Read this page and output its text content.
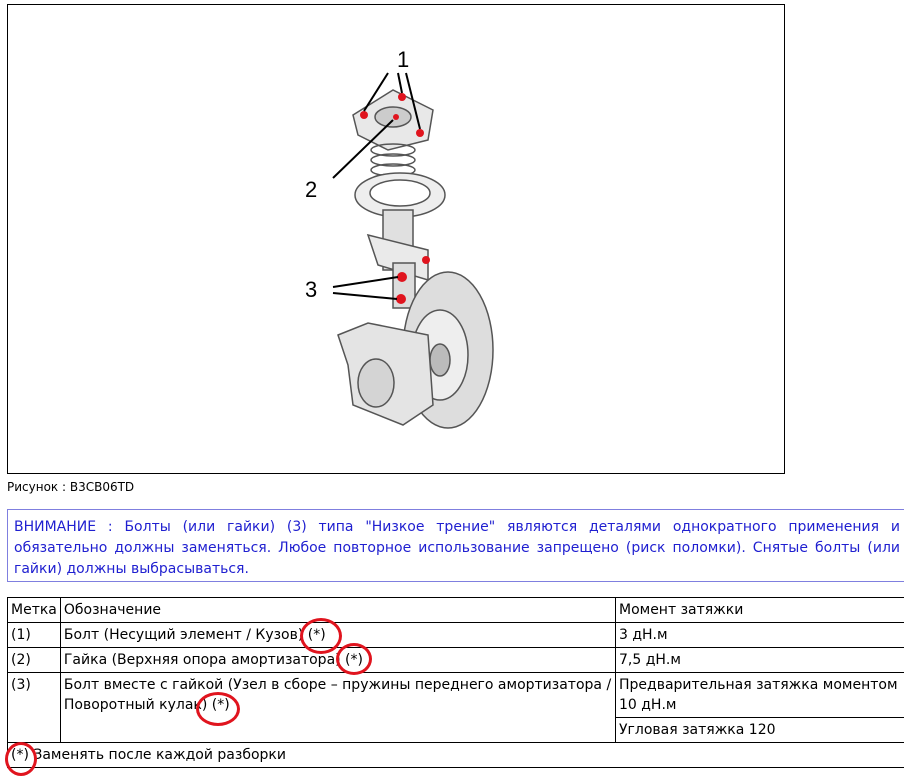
1
2
3
Рисунок : B3CB06TD
ВНИМАНИЕ : Болты (или гайки) (3) типа "Низкое трение" являются деталями однократного применения и обязательно должны заменяться. Любое повторное использование запрещено (риск поломки). Снятые болты (или гайки) должны выбрасываться.
Метка	Обозначение	Момент затяжки
(1)	Болт (Несущий элемент / Кузов) (*)	3 дН.м
(2)	Гайка (Верхняя опора амортизатора) (*)	7,5 дН.м
(3)	Болт вместе с гайкой (Узел в сборе – пружины переднего амортизатора / Поворотный кулак) (*)	Предварительная затяжка моментом 10 дН.м
		Угловая затяжка 120
(*) Заменять после каждой разборки		
